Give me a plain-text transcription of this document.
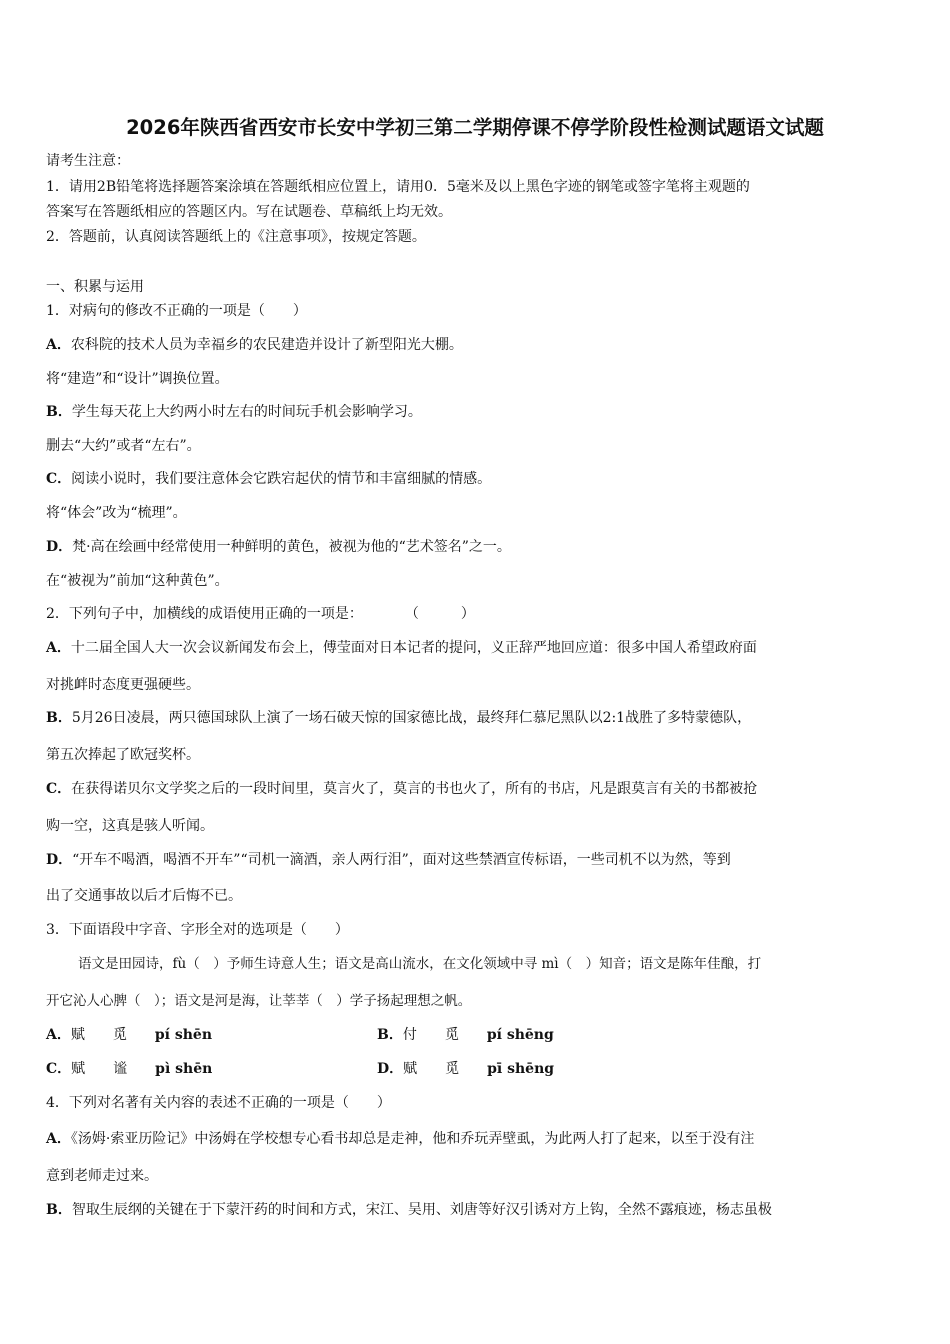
2026年陕西省西安市长安中学初三第二学期停课不停学阶段性检测试题语文试题
请考生注意：
1．请用2B铅笔将选择题答案涂填在答题纸相应位置上，请用0．5毫米及以上黑色字迹的钢笔或签字笔将主观题的
答案写在答题纸相应的答题区内。写在试题卷、草稿纸上均无效。
2．答题前，认真阅读答题纸上的《注意事项》，按规定答题。
一、积累与运用
1．对病句的修改不正确的一项是（　　）
A．农科院的技术人员为幸福乡的农民建造并设计了新型阳光大棚。
将“建造”和“设计”调换位置。
B．学生每天花上大约两小时左右的时间玩手机会影响学习。
删去“大约”或者“左右”。
C．阅读小说时，我们要注意体会它跌宕起伏的情节和丰富细腻的情感。
将“体会”改为“梳理”。
D．梵·高在绘画中经常使用一种鲜明的黄色，被视为他的“艺术签名”之一。
在“被视为”前加“这种黄色”。
2．下列句子中，加横线的成语使用正确的一项是：　　　　（　　　）
A．十二届全国人大一次会议新闻发布会上，傅莹面对日本记者的提问，义正辞严地回应道：很多中国人希望政府面
对挑衅时态度更强硬些。
B．5月26日凌晨，两只德国球队上演了一场石破天惊的国家德比战，最终拜仁慕尼黑队以2:1战胜了多特蒙德队，
第五次捧起了欧冠奖杯。
C．在获得诺贝尔文学奖之后的一段时间里，莫言火了，莫言的书也火了，所有的书店，凡是跟莫言有关的书都被抢
购一空，这真是骇人听闻。
D．“开车不喝酒，喝酒不开车”“司机一滴酒，亲人两行泪”，面对这些禁酒宣传标语，一些司机不以为然，等到
出了交通事故以后才后悔不已。
3．下面语段中字音、字形全对的选项是（　　）
语文是田园诗，fù（　）予师生诗意人生；语文是高山流水，在文化领域中寻 mì（　）知音；语文是陈年佳酿，打
开它沁人心脾（　）；语文是河是海，让莘莘（　）学子扬起理想之帆。
A．赋 觅 pí shēn	B．付 觅 pí shēng
C．赋 谧 pì shēn	D．赋 觅 pī shēng
4．下列对名著有关内容的表述不正确的一项是（　　）
A．《汤姆·索亚历险记》中汤姆在学校想专心看书却总是走神，他和乔玩弄壁虱，为此两人打了起来，以至于没有注
意到老师走过来。
B．智取生辰纲的关键在于下蒙汗药的时间和方式，宋江、吴用、刘唐等好汉引诱对方上钩，全然不露痕迹，杨志虽极
